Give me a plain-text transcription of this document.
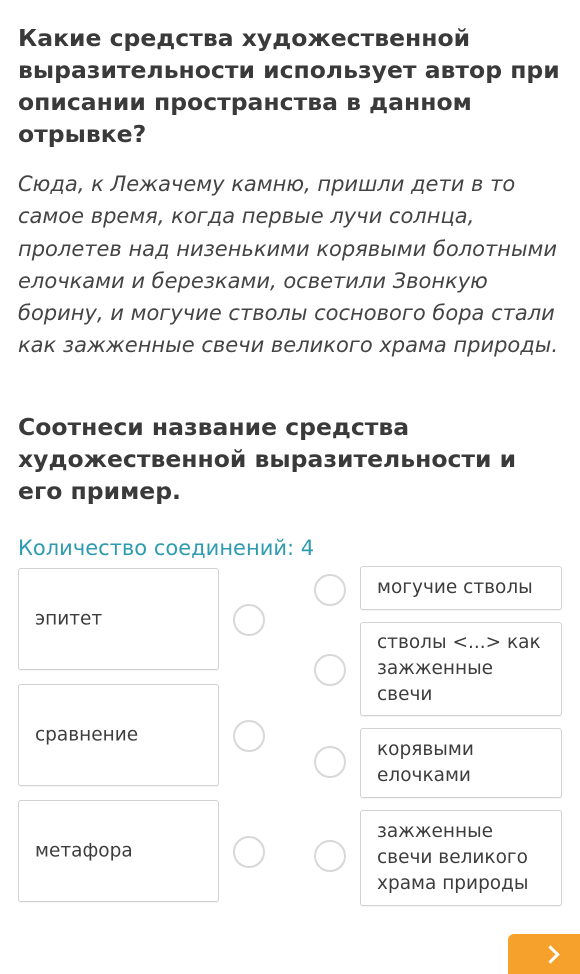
Какие средства художественной выразительности использует автор при описании пространства в данном отрывке?

Сюда, к Лежачему камню, пришли дети в то самое время, когда первые лучи солнца, пролетев над низенькими корявыми болотными елочками и березками, осветили Звонкую борину, и могучие стволы соснового бора стали как зажженные свечи великого храма природы.

Соотнеси название средства художественной выразительности и его пример.
Количество соединений: 4
эпитет
сравнение
метафора
могучие стволы
стволы <...> как зажженные свечи
корявыми елочками
зажженные свечи великого храма природы
